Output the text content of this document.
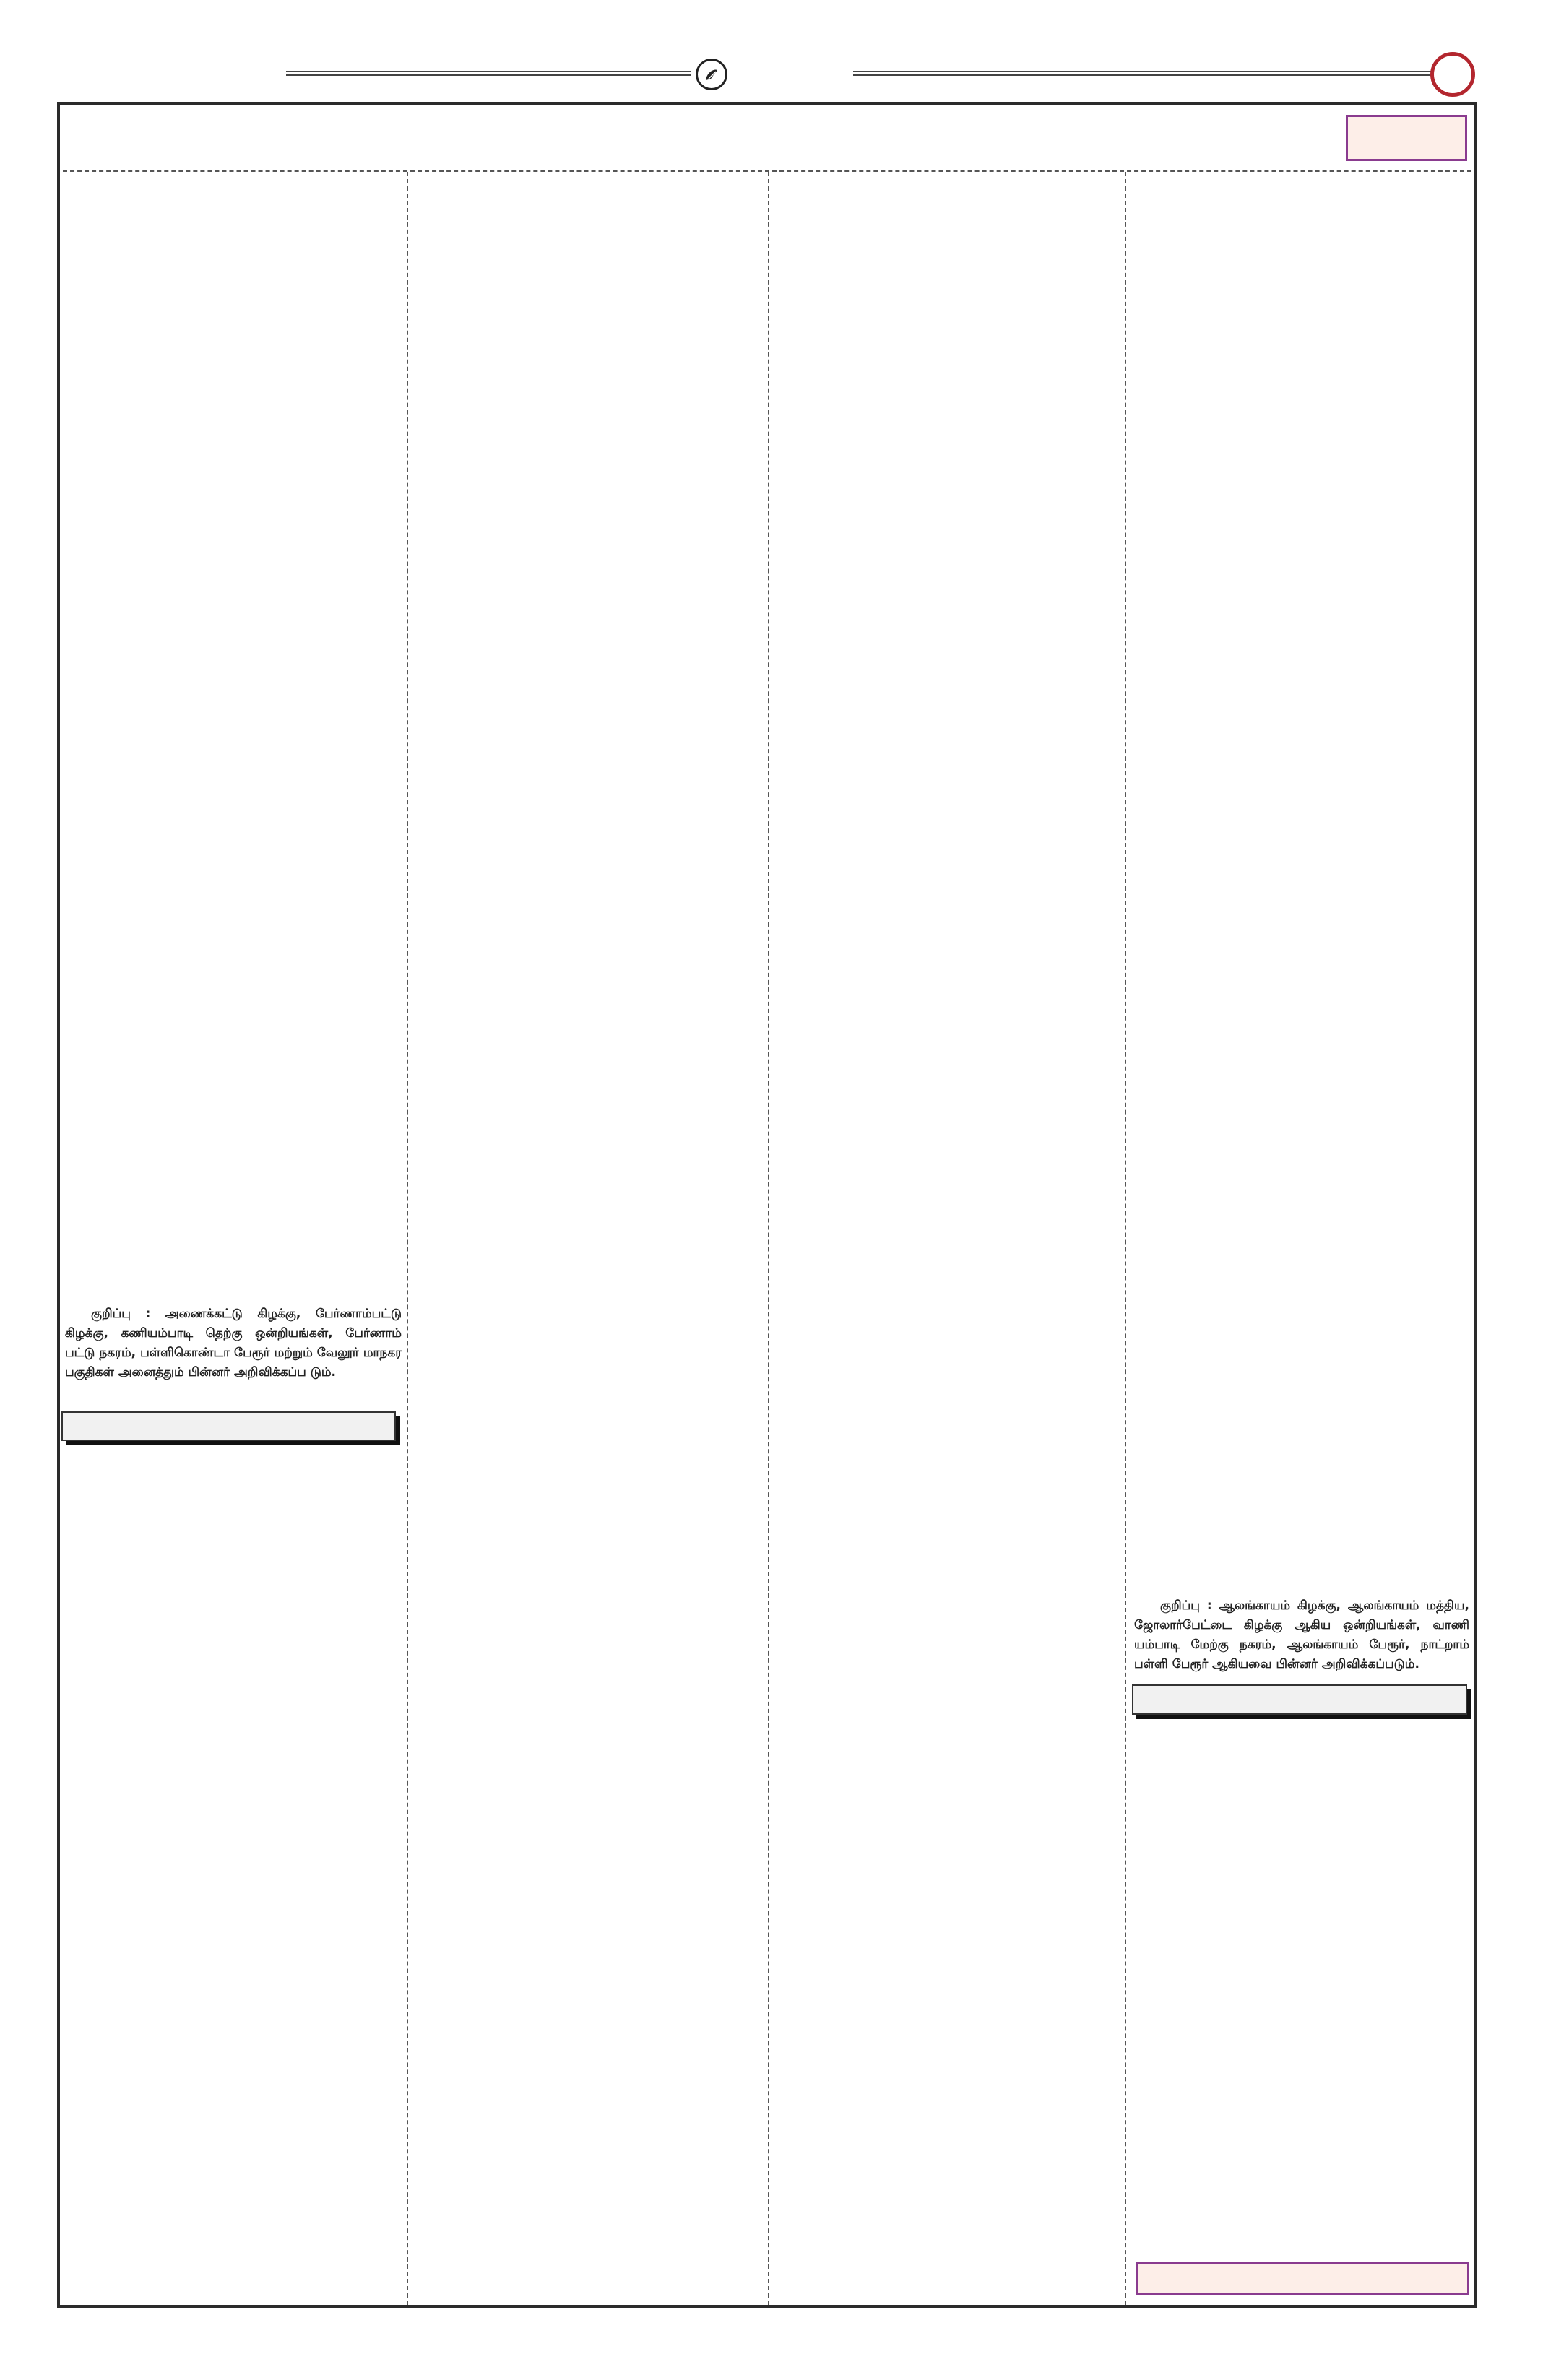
குறிப்பு : அணைக்கட்டு கிழக்கு, பேர்ணாம்பட்டு கிழக்கு, கணியம்பாடி தெற்கு ஒன்றியங்கள், பேர்ணாம் பட்டு நகரம், பள்ளிகொண்டா பேரூர் மற்றும் வேலூர் மாநகர பகுதிகள் அனைத்தும் பின்னர் அறிவிக்கப்ப டும்.

குறிப்பு : ஆலங்காயம் கிழக்கு, ஆலங்காயம் மத்திய, ஜோலார்பேட்டை கிழக்கு ஆகிய ஒன்றியங்கள், வாணி யம்பாடி மேற்கு நகரம், ஆலங்காயம் பேரூர், நாட்றாம் பள்ளி பேரூர் ஆகியவை பின்னர் அறிவிக்கப்படும்.
